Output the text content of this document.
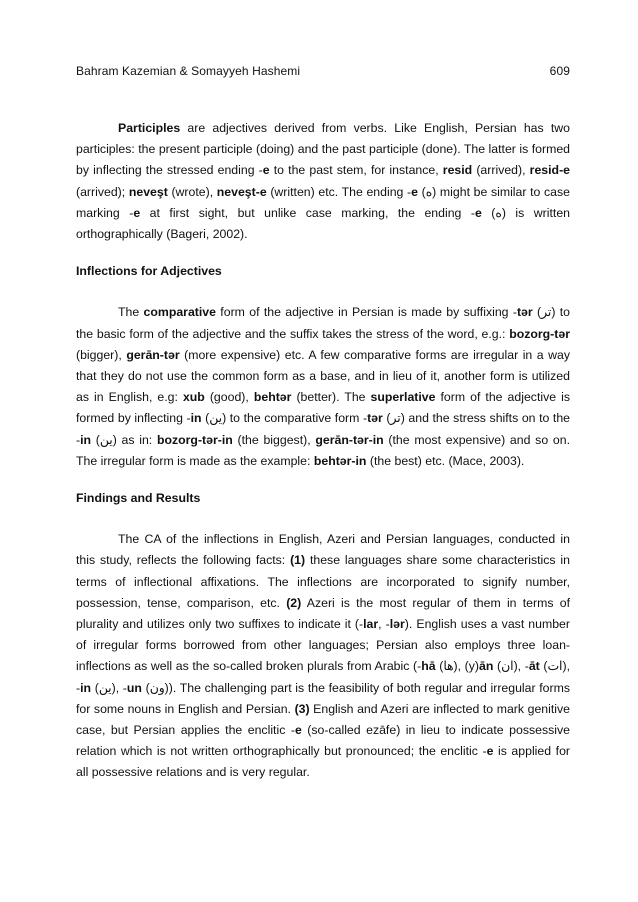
Bahram Kazemian & Somayyeh Hashemi	609

Participles are adjectives derived from verbs. Like English, Persian has two participles: the present participle (doing) and the past participle (done). The latter is formed by inflecting the stressed ending -e to the past stem, for instance, resid (arrived), resid-e (arrived); neveşt (wrote), neveşt-e (written) etc. The ending -e (ه) might be similar to case marking -e at first sight, but unlike case marking, the ending -e (ه) is written orthographically (Bageri, 2002).

Inflections for Adjectives

The comparative form of the adjective in Persian is made by suffixing -tər (تر) to the basic form of the adjective and the suffix takes the stress of the word, e.g.: bozorg-tər (bigger), gerān-tər (more expensive) etc. A few comparative forms are irregular in a way that they do not use the common form as a base, and in lieu of it, another form is utilized as in English, e.g: xub (good), behtər (better). The superlative form of the adjective is formed by inflecting -in (ین) to the comparative form -tər (تر) and the stress shifts on to the -in (ین) as in: bozorg-tər-in (the biggest), gerān-tər-in (the most expensive) and so on. The irregular form is made as the example: behtər-in (the best) etc. (Mace, 2003).

Findings and Results

The CA of the inflections in English, Azeri and Persian languages, conducted in this study, reflects the following facts: (1) these languages share some characteristics in terms of inflectional affixations. The inflections are incorporated to signify number, possession, tense, comparison, etc. (2) Azeri is the most regular of them in terms of plurality and utilizes only two suffixes to indicate it (-lar, -lər). English uses a vast number of irregular forms borrowed from other languages; Persian also employs three loan-inflections as well as the so-called broken plurals from Arabic (-hā (ها), (y)ān (ان), -āt (ات), -in (ین), -un (ون)). The challenging part is the feasibility of both regular and irregular forms for some nouns in English and Persian. (3) English and Azeri are inflected to mark genitive case, but Persian applies the enclitic -e (so-called ezāfe) in lieu to indicate possessive relation which is not written orthographically but pronounced; the enclitic -e is applied for all possessive relations and is very regular.
